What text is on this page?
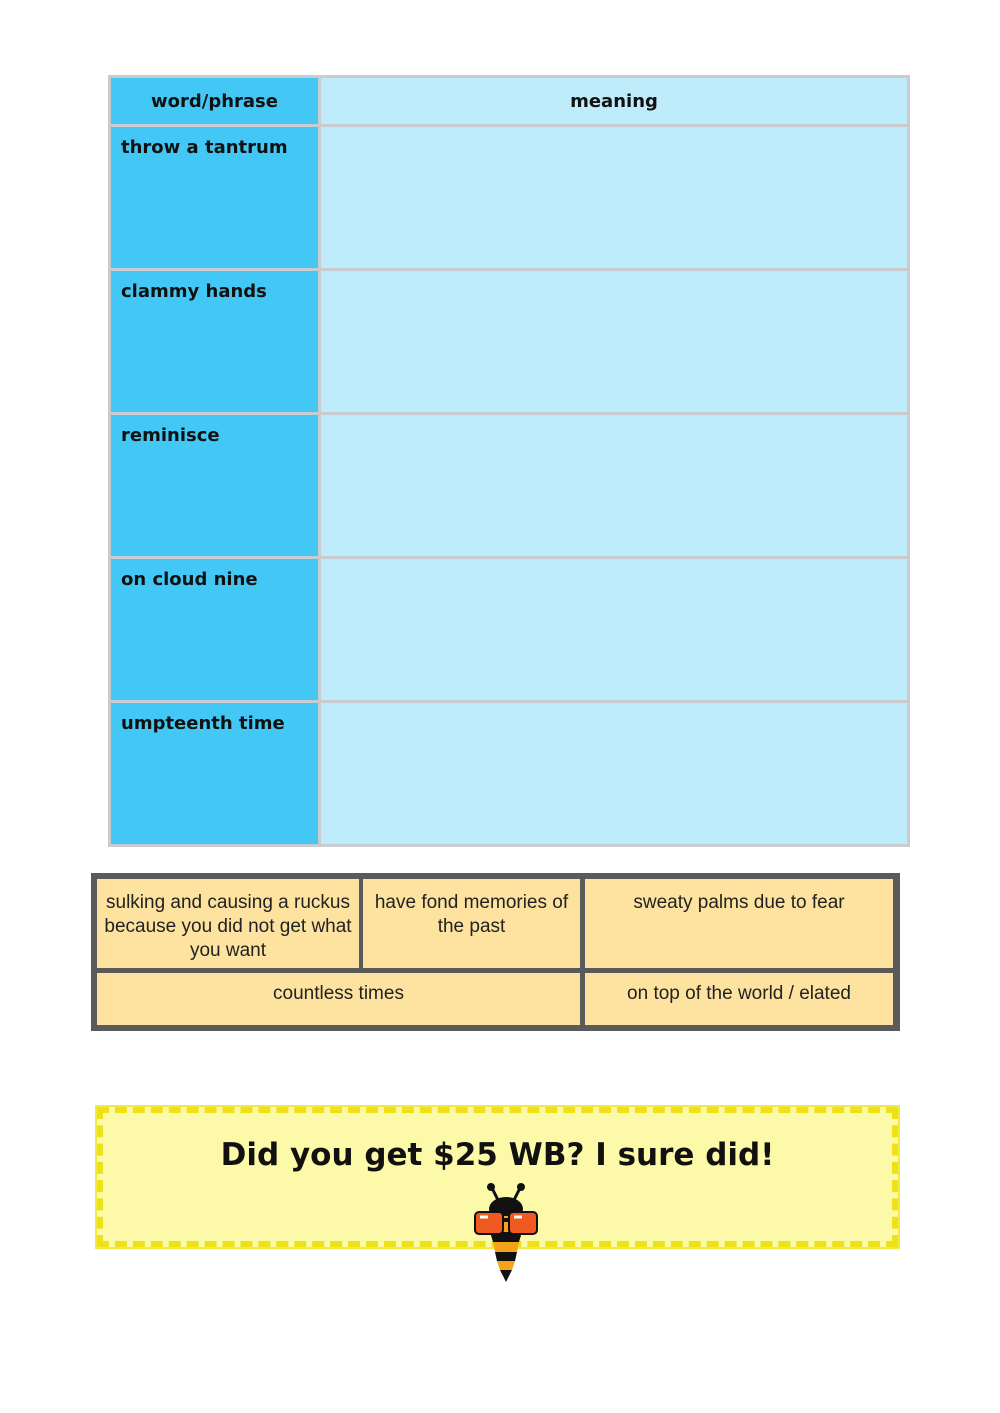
word/phrase	meaning
throw a tantrum
clammy hands
reminisce
on cloud nine
umpteenth time
sulking and causing a ruckus because you did not get what you want
have fond memories of the past
sweaty palms due to fear
countless times	on top of the world / elated
Did you get $25 WB? I sure did!
